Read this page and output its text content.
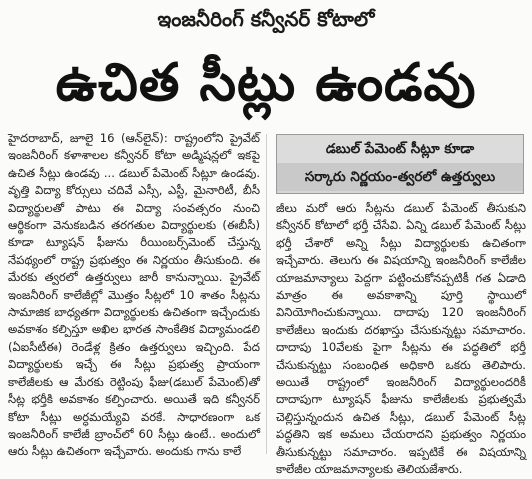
ఇంజనీరింగ్ కన్వీనర్ కోటాలో
ఉచిత సీట్లు ఉండవు
హైదరాబాద్, జూలై 16 (ఆన్‌లైన్): రాష్ట్రంలోని ప్రైవేట్ ఇంజనీరింగ్ కళాశాలల కన్వీనర్ కోటా అడ్మిషన్లలో ఇకపై ఉచిత సీట్లు ఉండవు ... డబుల్ పేమెంట్ సీట్లూ ఉండవు. వృత్తి విద్యా కోర్సులు చదివే ఎస్సీ, ఎస్టీ, మైనారిటీ, బీసీ విద్యార్థులతో పాటు ఈ విద్యా సంవత్సరం నుంచి ఆర్థికంగా వెనుకబడిన తరగతుల విద్యార్థులకు (ఈబీసీ) కూడా ట్యూషన్ ఫీజును రీయింబర్స్‌మెంట్ చేస్తున్న నేపథ్యంలో రాష్ట్ర ప్రభుత్వం ఈ నిర్ణయం తీసుకుంది. ఈ మేరకు త్వరలో ఉత్తర్వులు జారీ కానున్నాయి. ప్రైవేట్ ఇంజనీరింగ్ కాలేజీల్లో మొత్తం సీట్లలో 10 శాతం సీట్లను సామాజిక బాధ్యతగా విద్యార్థులకు ఉచితంగా ఇచ్చేందుకు అవకాశం కల్పిస్తూ అఖిల భారత సాంకేతిక విద్యామండలి (ఏఐసీటీఈ) రెండేళ్ల క్రితం ఉత్తర్వులు ఇచ్చింది. పేద విద్యార్థులకు ఇచ్చే ఈ సీట్లు ప్రభుత్వ ప్రాయంగా కాలేజీలకు ఆ మేరకు రెట్టింపు ఫీజు(డబుల్ పేమెంట్)తో సీట్ల భర్తీకి అవకాశం కల్పించారు. అయితే ఇది కన్వీనర్ కోటా సీట్లు అర్ధమయ్యేవి వరకే. సాధారణంగా ఒక ఇంజనీరింగ్ కాలేజీ బ్రాంచ్‌లో 60 సీట్లు ఉంటే.. అందులో ఆరు సీట్లు ఉచితంగా ఇచ్చేవారు. అందుకు గాను కాలే
డబుల్ పేమెంట్ సీట్లూ కూడా
సర్కారు నిర్ణయం-త్వరలో ఉత్తర్వులు
జీలు మరో ఆరు సీట్లను డబుల్ పేమెంట్ తీసుకుని కన్వీనర్ కోటాలో భర్తీ చేసేవి. ఏన్ని డబుల్ పేమెంట్ సీట్లు భర్తీ చేశారో అన్ని సీట్లు విద్యార్థులకు ఉచితంగా ఇచ్చేవారు. తెలుగు ఈ విషయాన్ని ఇంజనీరింగ్ కాలేజీల యాజమాన్యాలు పెద్దగా పట్టించుకోనప్పటికీ గత ఏడాది మాత్రం ఈ అవకాశాన్ని పూర్తి స్థాయిలో వినియోగించుకున్నాయి. దాదాపు 120 ఇంజనీరింగ్ కాలేజీలు ఇందుకు దరఖాస్తు చేసుకున్నట్టు సమాచారం. దాదాపు 10వేలకు పైగా సీట్లను ఈ పద్ధతిలో భర్తీ చేసుకున్నట్టు సంబంధిత అధికారి ఒకరు తెలిపారు. అయితే రాష్ట్రంలో ఇంజనీరింగ్ విద్యార్థులందరికీ దాదాపుగా ట్యూషన్ ఫీజును కాలేజీలకు ప్రభుత్వమే చెల్లిస్తున్నందున ఉచిత సీట్లు, డబుల్ పేమెంట్ సీట్ల పద్ధతిని ఇక అమలు చేయరాదని ప్రభుత్వం నిర్ణయం తీసుకున్నట్టు సమాచారం. ఇప్పటికే ఈ విషయాన్ని కాలేజీల యాజమాన్యాలకు తెలియజేశారు.
